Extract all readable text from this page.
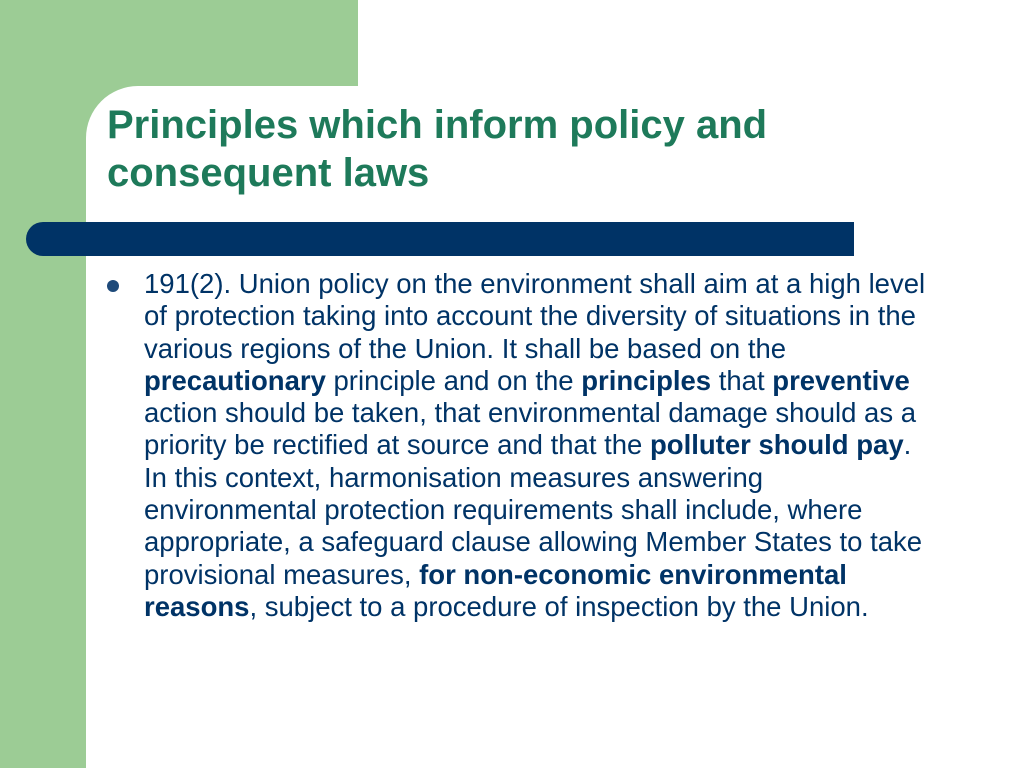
Principles which inform policy and consequent laws

191(2). Union policy on the environment shall aim at a high level of protection taking into account the diversity of situations in the various regions of the Union. It shall be based on the precautionary principle and on the principles that preventive action should be taken, that environmental damage should as a priority be rectified at source and that the polluter should pay. In this context, harmonisation measures answering environmental protection requirements shall include, where appropriate, a safeguard clause allowing Member States to take provisional measures, for non-economic environmental reasons, subject to a procedure of inspection by the Union.
